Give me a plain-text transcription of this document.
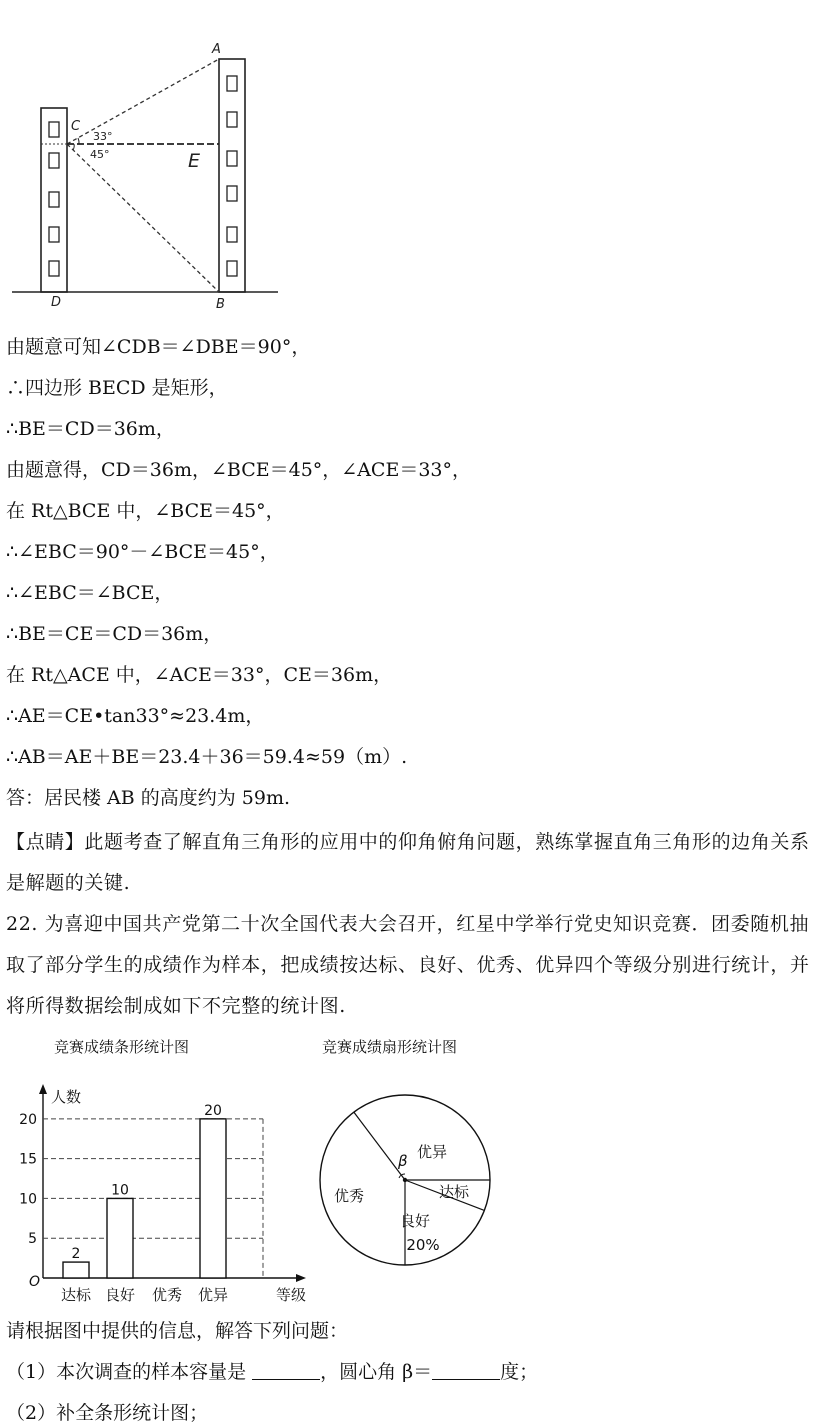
A
B
C
D
E
33°
45°
由题意可知∠CDB＝∠DBE＝90°，
∴四边形 BECD 是矩形，
∴BE＝CD＝36m，
由题意得，CD＝36m，∠BCE＝45°，∠ACE＝33°，
在 Rt△BCE 中，∠BCE＝45°，
∴∠EBC＝90°－∠BCE＝45°，
∴∠EBC＝∠BCE，
∴BE＝CE＝CD＝36m，
在 Rt△ACE 中，∠ACE＝33°，CE＝36m，
∴AE＝CE•tan33°≈23.4m，
∴AB＝AE＋BE＝23.4＋36＝59.4≈59（m）.
答：居民楼 AB 的高度约为 59m.
【点睛】此题考查了解直角三角形的应用中的仰角俯角问题，熟练掌握直角三角形的边角关系是解题的关键.
22. 为喜迎中国共产党第二十次全国代表大会召开，红星中学举行党史知识竞赛．团委随机抽取了部分学生的成绩作为样本，把成绩按达标、良好、优秀、优异四个等级分别进行统计，并将所得数据绘制成如下不完整的统计图.
竞赛成绩条形统计图
人数
等级
O
5
10
15
20
达标
2
良好
10
优秀 优异
20
竞赛成绩扇形统计图
β 优异
达标
良好
优秀
20%
请根据图中提供的信息，解答下列问题：
（1）本次调查的样本容量是	，圆心角 β＝	度；
（2）补全条形统计图；
